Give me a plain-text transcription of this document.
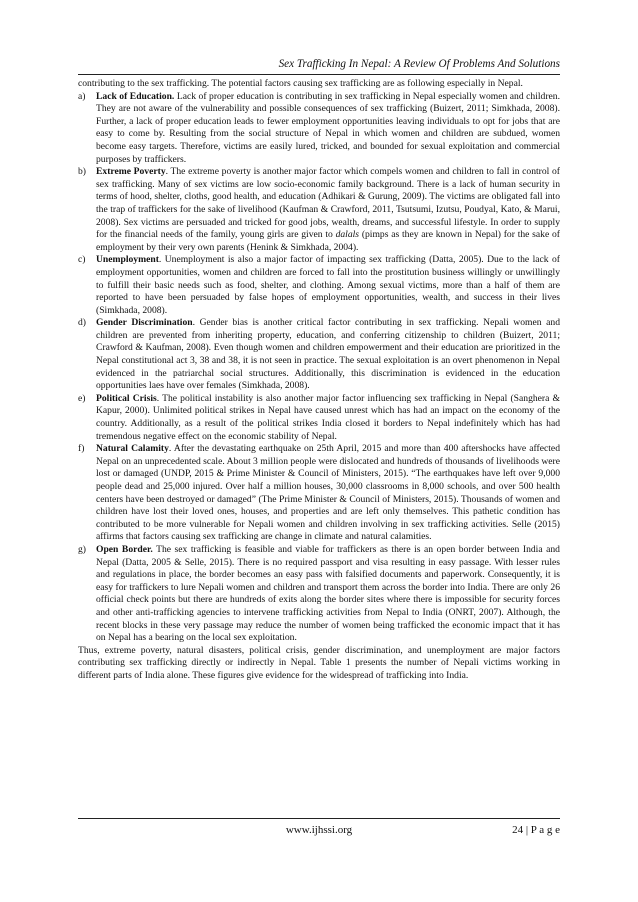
Sex Trafficking In Nepal: A Review Of Problems And Solutions

contributing to the sex trafficking. The potential factors causing sex trafficking are as following especially in Nepal.

a) Lack of Education. Lack of proper education is contributing in sex trafficking in Nepal especially women and children. They are not aware of the vulnerability and possible consequences of sex trafficking (Buizert, 2011; Simkhada, 2008). Further, a lack of proper education leads to fewer employment opportunities leaving individuals to opt for jobs that are easy to come by. Resulting from the social structure of Nepal in which women and children are subdued, women become easy targets. Therefore, victims are easily lured, tricked, and bounded for sexual exploitation and commercial purposes by traffickers.
b) Extreme Poverty. The extreme poverty is another major factor which compels women and children to fall in control of sex trafficking. Many of sex victims are low socio-economic family background. There is a lack of human security in terms of hood, shelter, cloths, good health, and education (Adhikari & Gurung, 2009). The victims are obligated fall into the trap of traffickers for the sake of livelihood (Kaufman & Crawford, 2011, Tsutsumi, Izutsu, Poudyal, Kato, & Marui, 2008). Sex victims are persuaded and tricked for good jobs, wealth, dreams, and successful lifestyle. In order to supply for the financial needs of the family, young girls are given to dalals (pimps as they are known in Nepal) for the sake of employment by their very own parents (Henink & Simkhada, 2004).
c) Unemployment. Unemployment is also a major factor of impacting sex trafficking (Datta, 2005). Due to the lack of employment opportunities, women and children are forced to fall into the prostitution business willingly or unwillingly to fulfill their basic needs such as food, shelter, and clothing. Among sexual victims, more than a half of them are reported to have been persuaded by false hopes of employment opportunities, wealth, and success in their lives (Simkhada, 2008).
d) Gender Discrimination. Gender bias is another critical factor contributing in sex trafficking. Nepali women and children are prevented from inheriting property, education, and conferring citizenship to children (Buizert, 2011; Crawford & Kaufman, 2008). Even though women and children empowerment and their education are prioritized in the Nepal constitutional act 3, 38 and 38, it is not seen in practice. The sexual exploitation is an overt phenomenon in Nepal evidenced in the patriarchal social structures. Additionally, this discrimination is evidenced in the education opportunities laes have over females (Simkhada, 2008).
e) Political Crisis. The political instability is also another major factor influencing sex trafficking in Nepal (Sanghera & Kapur, 2000). Unlimited political strikes in Nepal have caused unrest which has had an impact on the economy of the country. Additionally, as a result of the political strikes India closed it borders to Nepal indefinitely which has had tremendous negative effect on the economic stability of Nepal.
f) Natural Calamity. After the devastating earthquake on 25th April, 2015 and more than 400 aftershocks have affected Nepal on an unprecedented scale. About 3 million people were dislocated and hundreds of thousands of livelihoods were lost or damaged (UNDP, 2015 & Prime Minister & Council of Ministers, 2015). “The earthquakes have left over 9,000 people dead and 25,000 injured. Over half a million houses, 30,000 classrooms in 8,000 schools, and over 500 health centers have been destroyed or damaged” (The Prime Minister & Council of Ministers, 2015). Thousands of women and children have lost their loved ones, houses, and properties and are left only themselves. This pathetic condition has contributed to be more vulnerable for Nepali women and children involving in sex trafficking activities. Selle (2015) affirms that factors causing sex trafficking are change in climate and natural calamities.
g) Open Border. The sex trafficking is feasible and viable for traffickers as there is an open border between India and Nepal (Datta, 2005 & Selle, 2015). There is no required passport and visa resulting in easy passage. With lesser rules and regulations in place, the border becomes an easy pass with falsified documents and paperwork. Consequently, it is easy for traffickers to lure Nepali women and children and transport them across the border into India. There are only 26 official check points but there are hundreds of exits along the border sites where there is impossible for security forces and other anti-trafficking agencies to intervene trafficking activities from Nepal to India (ONRT, 2007). Although, the recent blocks in these very passage may reduce the number of women being trafficked the economic impact that it has on Nepal has a bearing on the local sex exploitation.

Thus, extreme poverty, natural disasters, political crisis, gender discrimination, and unemployment are major factors contributing sex trafficking directly or indirectly in Nepal. Table 1 presents the number of Nepali victims working in different parts of India alone. These figures give evidence for the widespread of trafficking into India.

www.ijhssi.org	24 | P a g e
